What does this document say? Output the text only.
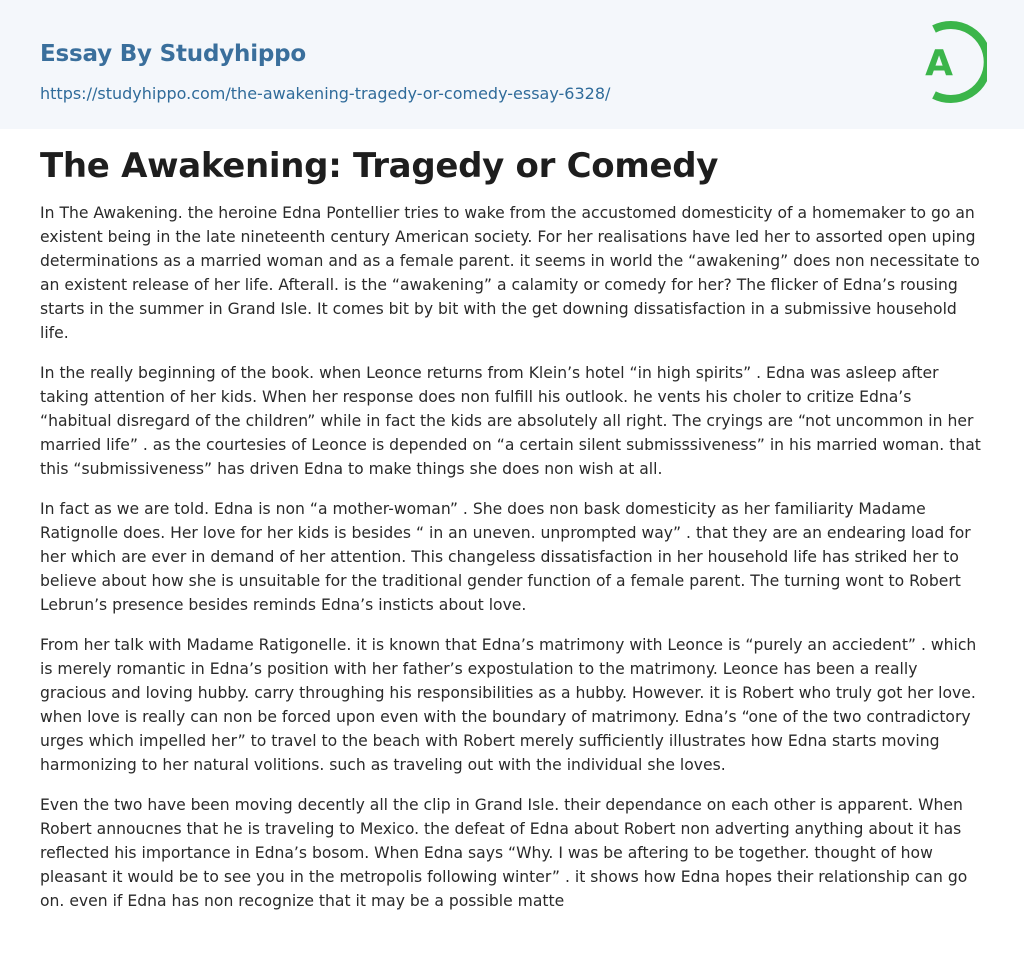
Essay By Studyhippo
https://studyhippo.com/the-awakening-tragedy-or-comedy-essay-6328/
A
The Awakening: Tragedy or Comedy

In The Awakening. the heroine Edna Pontellier tries to wake from the accustomed domesticity of a homemaker to go an existent being in the late nineteenth century American society. For her realisations have led her to assorted open uping determinations as a married woman and as a female parent. it seems in world the “awakening” does non necessitate to an existent release of her life. Afterall. is the “awakening” a calamity or comedy for her? The flicker of Edna’s rousing starts in the summer in Grand Isle. It comes bit by bit with the get downing dissatisfaction in a submissive household life.

In the really beginning of the book. when Leonce returns from Klein’s hotel “in high spirits” . Edna was asleep after taking attention of her kids. When her response does non fulfill his outlook. he vents his choler to critize Edna’s “habitual disregard of the children” while in fact the kids are absolutely all right. The cryings are “not uncommon in her married life” . as the courtesies of Leonce is depended on “a certain silent submisssiveness” in his married woman. that this “submissiveness” has driven Edna to make things she does non wish at all.

In fact as we are told. Edna is non “a mother-woman” . She does non bask domesticity as her familiarity Madame Ratignolle does. Her love for her kids is besides “ in an uneven. unprompted way” . that they are an endearing load for her which are ever in demand of her attention. This changeless dissatisfaction in her household life has striked her to believe about how she is unsuitable for the traditional gender function of a female parent. The turning wont to Robert Lebrun’s presence besides reminds Edna’s insticts about love.

From her talk with Madame Ratigonelle. it is known that Edna’s matrimony with Leonce is “purely an acciedent” . which is merely romantic in Edna’s position with her father’s expostulation to the matrimony. Leonce has been a really gracious and loving hubby. carry throughing his responsibilities as a hubby. However. it is Robert who truly got her love. when love is really can non be forced upon even with the boundary of matrimony. Edna’s “one of the two contradictory urges which impelled her” to travel to the beach with Robert merely sufficiently illustrates how Edna starts moving harmonizing to her natural volitions. such as traveling out with the individual she loves.

Even the two have been moving decently all the clip in Grand Isle. their dependance on each other is apparent. When Robert annoucnes that he is traveling to Mexico. the defeat of Edna about Robert non adverting anything about it has reflected his importance in Edna’s bosom. When Edna says “Why. I was be aftering to be together. thought of how pleasant it would be to see you in the metropolis following winter” . it shows how Edna hopes their relationship can go on. even if Edna has non recognize that it may be a possible matte
